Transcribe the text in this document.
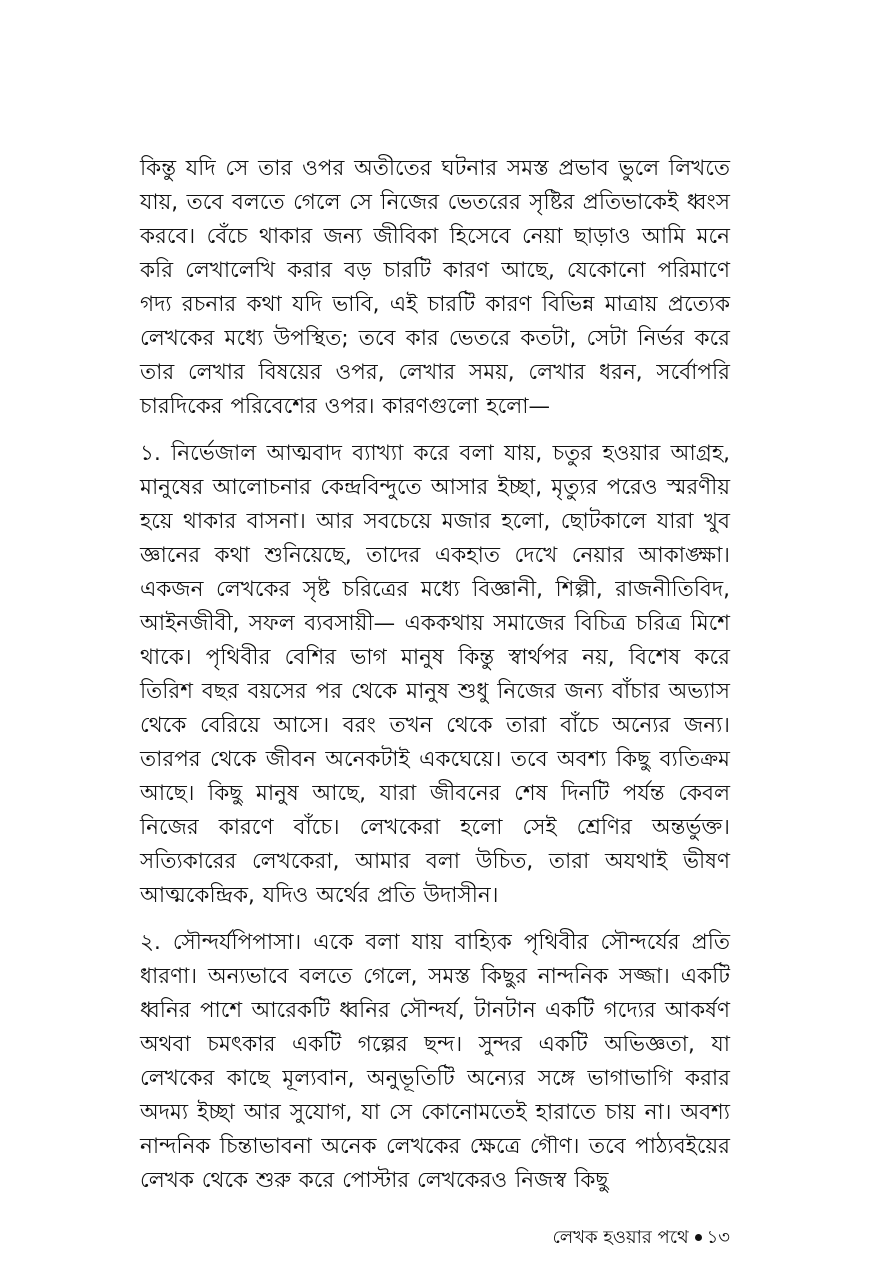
কিন্তু যদি সে তার ওপর অতীতের ঘটনার সমস্ত প্রভাব ভুলে লিখতে যায়, তবে বলতে গেলে সে নিজের ভেতরের সৃষ্টির প্রতিভাকেই ধ্বংস করবে। বেঁচে থাকার জন্য জীবিকা হিসেবে নেয়া ছাড়াও আমি মনে করি লেখালেখি করার বড় চারটি কারণ আছে, যেকোনো পরিমাণে গদ্য রচনার কথা যদি ভাবি, এই চারটি কারণ বিভিন্ন মাত্রায় প্রত্যেক লেখকের মধ্যে উপস্থিত; তবে কার ভেতরে কতটা, সেটা নির্ভর করে তার লেখার বিষয়ের ওপর, লেখার সময়, লেখার ধরন, সর্বোপরি চারদিকের পরিবেশের ওপর। কারণগুলো হলো—

১. নির্ভেজাল আত্মবাদ ব্যাখ্যা করে বলা যায়, চতুর হওয়ার আগ্রহ, মানুষের আলোচনার কেন্দ্রবিন্দুতে আসার ইচ্ছা, মৃত্যুর পরেও স্মরণীয় হয়ে থাকার বাসনা। আর সবচেয়ে মজার হলো, ছোটকালে যারা খুব জ্ঞানের কথা শুনিয়েছে, তাদের একহাত দেখে নেয়ার আকাঙ্ক্ষা। একজন লেখকের সৃষ্ট চরিত্রের মধ্যে বিজ্ঞানী, শিল্পী, রাজনীতিবিদ, আইনজীবী, সফল ব্যবসায়ী— এককথায় সমাজের বিচিত্র চরিত্র মিশে থাকে। পৃথিবীর বেশির ভাগ মানুষ কিন্তু স্বার্থপর নয়, বিশেষ করে তিরিশ বছর বয়সের পর থেকে মানুষ শুধু নিজের জন্য বাঁচার অভ্যাস থেকে বেরিয়ে আসে। বরং তখন থেকে তারা বাঁচে অন্যের জন্য। তারপর থেকে জীবন অনেকটাই একঘেয়ে। তবে অবশ্য কিছু ব্যতিক্রম আছে। কিছু মানুষ আছে, যারা জীবনের শেষ দিনটি পর্যন্ত কেবল নিজের কারণে বাঁচে। লেখকেরা হলো সেই শ্রেণির অন্তর্ভুক্ত। সত্যিকারের লেখকেরা, আমার বলা উচিত, তারা অযথাই ভীষণ আত্মকেন্দ্রিক, যদিও অর্থের প্রতি উদাসীন।

২. সৌন্দর্যপিপাসা। একে বলা যায় বাহ্যিক পৃথিবীর সৌন্দর্যের প্রতি ধারণা। অন্যভাবে বলতে গেলে, সমস্ত কিছুর নান্দনিক সজ্জা। একটি ধ্বনির পাশে আরেকটি ধ্বনির সৌন্দর্য, টানটান একটি গদ্যের আকর্ষণ অথবা চমৎকার একটি গল্পের ছন্দ। সুন্দর একটি অভিজ্ঞতা, যা লেখকের কাছে মূল্যবান, অনুভূতিটি অন্যের সঙ্গে ভাগাভাগি করার অদম্য ইচ্ছা আর সুযোগ, যা সে কোনোমতেই হারাতে চায় না। অবশ্য নান্দনিক চিন্তাভাবনা অনেক লেখকের ক্ষেত্রে গৌণ। তবে পাঠ্যবইয়ের লেখক থেকে শুরু করে পোস্টার লেখকেরও নিজস্ব কিছু

লেখক হওয়ার পথে ১৩
